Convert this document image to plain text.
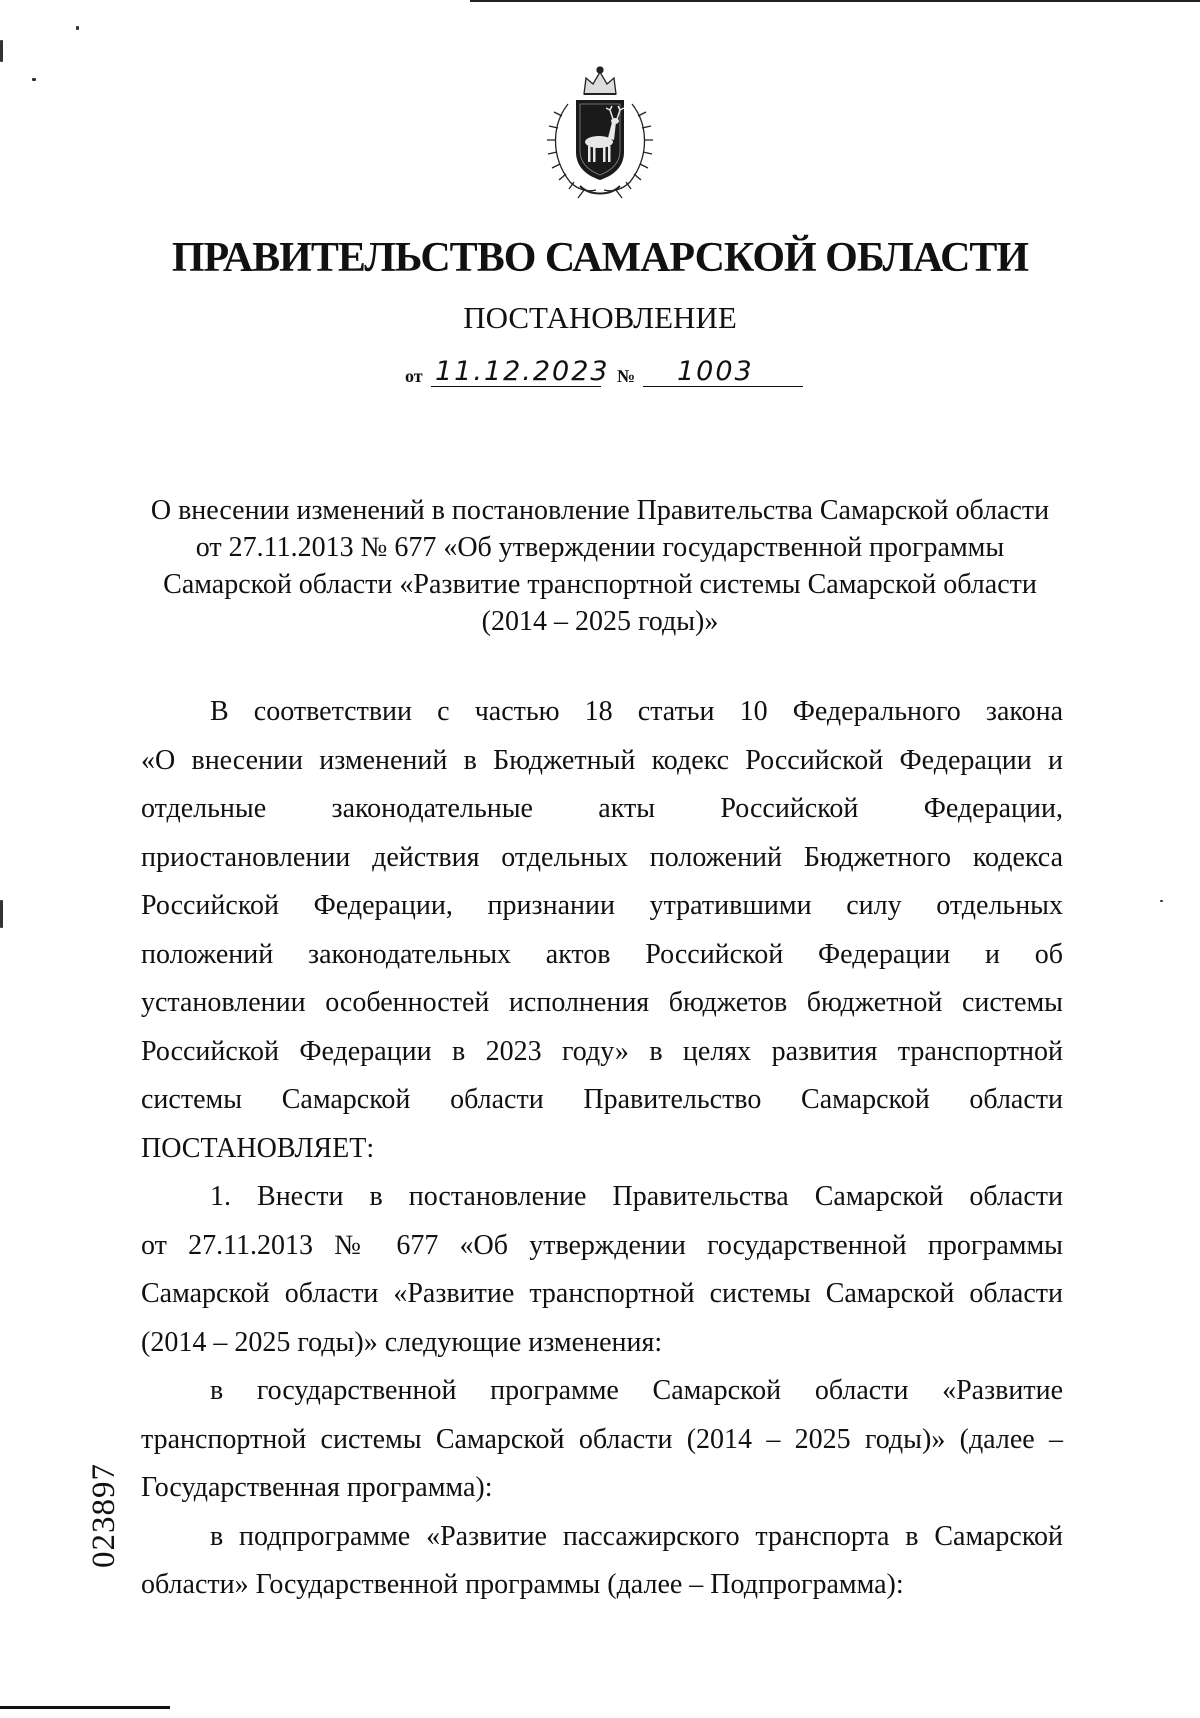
ПРАВИТЕЛЬСТВО САМАРСКОЙ ОБЛАСТИ
ПОСТАНОВЛЕНИЕ
от 11.12.2023 № 1003
О внесении изменений в постановление Правительства Самарской области
от 27.11.2013 № 677 «Об утверждении государственной программы
Самарской области «Развитие транспортной системы Самарской области
(2014 – 2025 годы)»

В соответствии с частью 18 статьи 10 Федерального закона

«О внесении изменений в Бюджетный кодекс Российской Федерации и

отдельные законодательные акты Российской Федерации,

приостановлении действия отдельных положений Бюджетного кодекса

Российской Федерации, признании утратившими силу отдельных

положений законодательных актов Российской Федерации и об

установлении особенностей исполнения бюджетов бюджетной системы

Российской Федерации в 2023 году» в целях развития транспортной

системы Самарской области Правительство Самарской области

ПОСТАНОВЛЯЕТ:

1. Внести в постановление Правительства Самарской области

от 27.11.2013 № 677 «Об утверждении государственной программы

Самарской области «Развитие транспортной системы Самарской области

(2014 – 2025 годы)» следующие изменения:

в государственной программе Самарской области «Развитие

транспортной системы Самарской области (2014 – 2025 годы)» (далее –

Государственная программа):

в подпрограмме «Развитие пассажирского транспорта в Самарской

области» Государственной программы (далее – Подпрограмма):

023897
